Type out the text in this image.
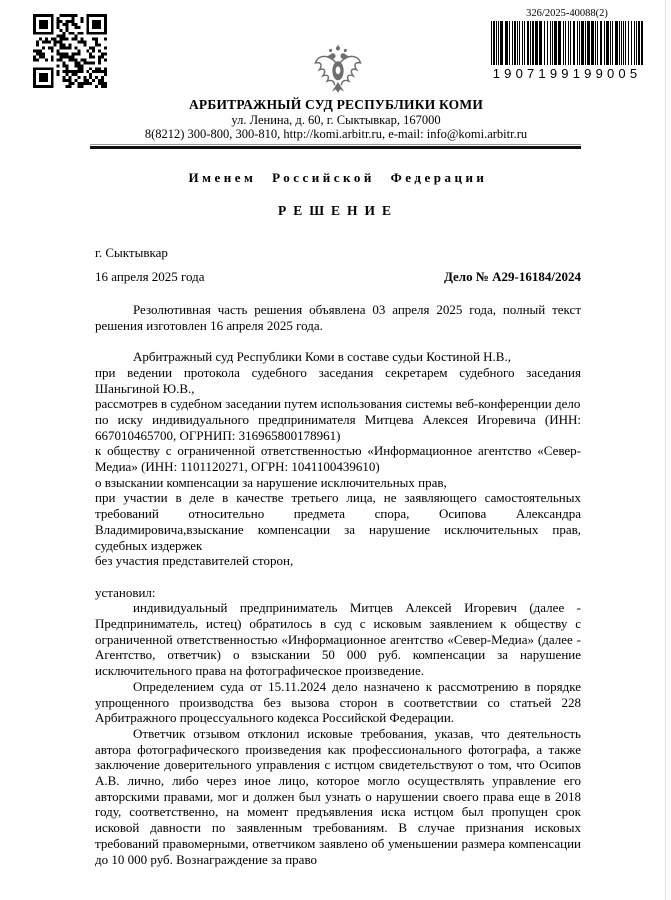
326/2025-40088(2)
1907199199005
АРБИТРАЖНЫЙ СУД РЕСПУБЛИКИ КОМИ
ул. Ленина, д. 60, г. Сыктывкар, 167000
8(8212) 300-800, 300-810, http://komi.arbitr.ru, e-mail: info@komi.arbitr.ru
Именем Российской Федерации
РЕШЕНИЕ
г. Сыктывкар
16 апреля 2025 года	Дело № А29-16184/2024

Резолютивная часть решения объявлена 03 апреля 2025 года, полный текст решения изготовлен 16 апреля 2025 года.

Арбитражный суд Республики Коми в составе судьи Костиной Н.В.,

при ведении протокола судебного заседания секретарем судебного заседания Шаньгиной Ю.В.,

рассмотрев в судебном заседании путем использования системы веб-конференции дело

по иску индивидуального предпринимателя Митцева Алексея Игоревича (ИНН: 667010465700, ОГРНИП: 316965800178961)

к обществу с ограниченной ответственностью «Информационное агентство «Север-Медиа» (ИНН: 1101120271, ОГРН: 1041100439610)

о взыскании компенсации за нарушение исключительных прав,

при участии в деле в качестве третьего лица, не заявляющего самостоятельных требований относительно предмета спора, Осипова Александра Владимировича,взыскание компенсации за нарушение исключительных прав, судебных издержек

без участия представителей сторон,

установил:

индивидуальный предприниматель Митцев Алексей Игоревич (далее - Предприниматель, истец) обратилось в суд с исковым заявлением к обществу с ограниченной ответственностью «Информационное агентство «Север-Медиа» (далее - Агентство, ответчик) о взыскании 50 000 руб. компенсации за нарушение исключительного права на фотографическое произведение.

Определением суда от 15.11.2024 дело назначено к рассмотрению в порядке упрощенного производства без вызова сторон в соответствии со статьей 228 Арбитражного процессуального кодекса Российской Федерации.

Ответчик отзывом отклонил исковые требования, указав, что деятельность автора фотографического произведения как профессионального фотографа, а также заключение доверительного управления с истцом свидетельствуют о том, что Осипов А.В. лично, либо через иное лицо, которое могло осуществлять управление его авторскими правами, мог и должен был узнать о нарушении своего права еще в 2018 году, соответственно, на момент предъявления иска истцом был пропущен срок исковой давности по заявленным требованиям. В случае признания исковых требований правомерными, ответчиком заявлено об уменьшении размера компенсации до 10 000 руб. Вознаграждение за право
